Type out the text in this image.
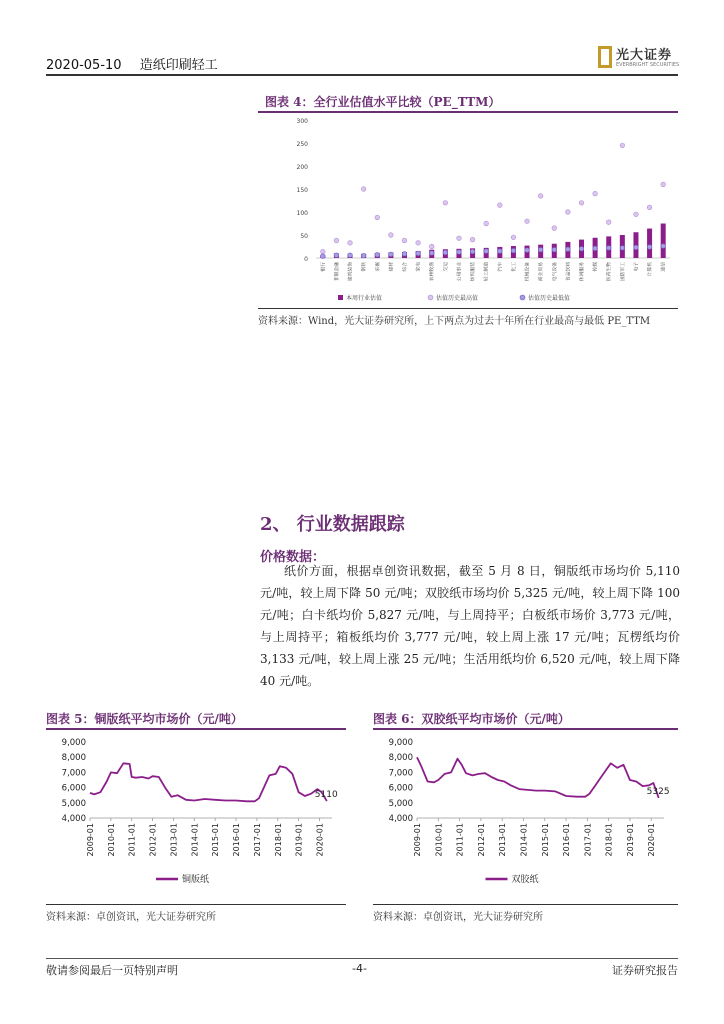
2020-05-10 造纸印刷轻工
光大证券
EVERBRIGHT SECURITIES
图表 4：全行业估值水平比较（PE_TTM）
0
50
100
150
200
250
300
银行	非银金融	建筑装饰	钢铁	采掘	建材	综合	家电	农林牧渔	交运	公用事业	纺织服装	轻工制造	汽车	化工	机械设备	商业贸易	电气设备	食品饮料	休闲服务	传媒	医药生物	国防军工	电子	计算机	通信
本周行业估值	估值历史最高值	估值历史最低值
资料来源：Wind，光大证券研究所，上下两点为过去十年所在行业最高与最低 PE_TTM
2、 行业数据跟踪
价格数据：
纸价方面，根据卓创资讯数据，截至 5 月 8 日，铜版纸市场均价 5,110 元/吨，较上周下降 50 元/吨；双胶纸市场均价 5,325 元/吨，较上周下降 100 元/吨；白卡纸均价 5,827 元/吨，与上周持平；白板纸市场价 3,773 元/吨，与上周持平；箱板纸均价 3,777 元/吨，较上周上涨 17 元/吨；瓦楞纸均价 3,133 元/吨，较上周上涨 25 元/吨；生活用纸均价 6,520 元/吨，较上周下降 40 元/吨。
图表 5：铜版纸平均市场价（元/吨）
4,000
5,000
6,000
7,000
8,000
9,000
2009-01 2010-01 2011-01 2012-01 2013-01 2014-01 2015-01 2016-01 2017-01 2018-01 2019-01 2020-01
5110
铜版纸
资料来源：卓创资讯，光大证券研究所
图表 6：双胶纸平均市场价（元/吨）
4,000
5,000
6,000
7,000
8,000
9,000
2009-01 2010-01 2011-01 2012-01 2013-01 2014-01 2015-01 2016-01 2017-01 2018-01 2019-01 2020-01
5325
双胶纸
资料来源：卓创资讯，光大证券研究所
敬请参阅最后一页特别声明	-4-	证券研究报告
